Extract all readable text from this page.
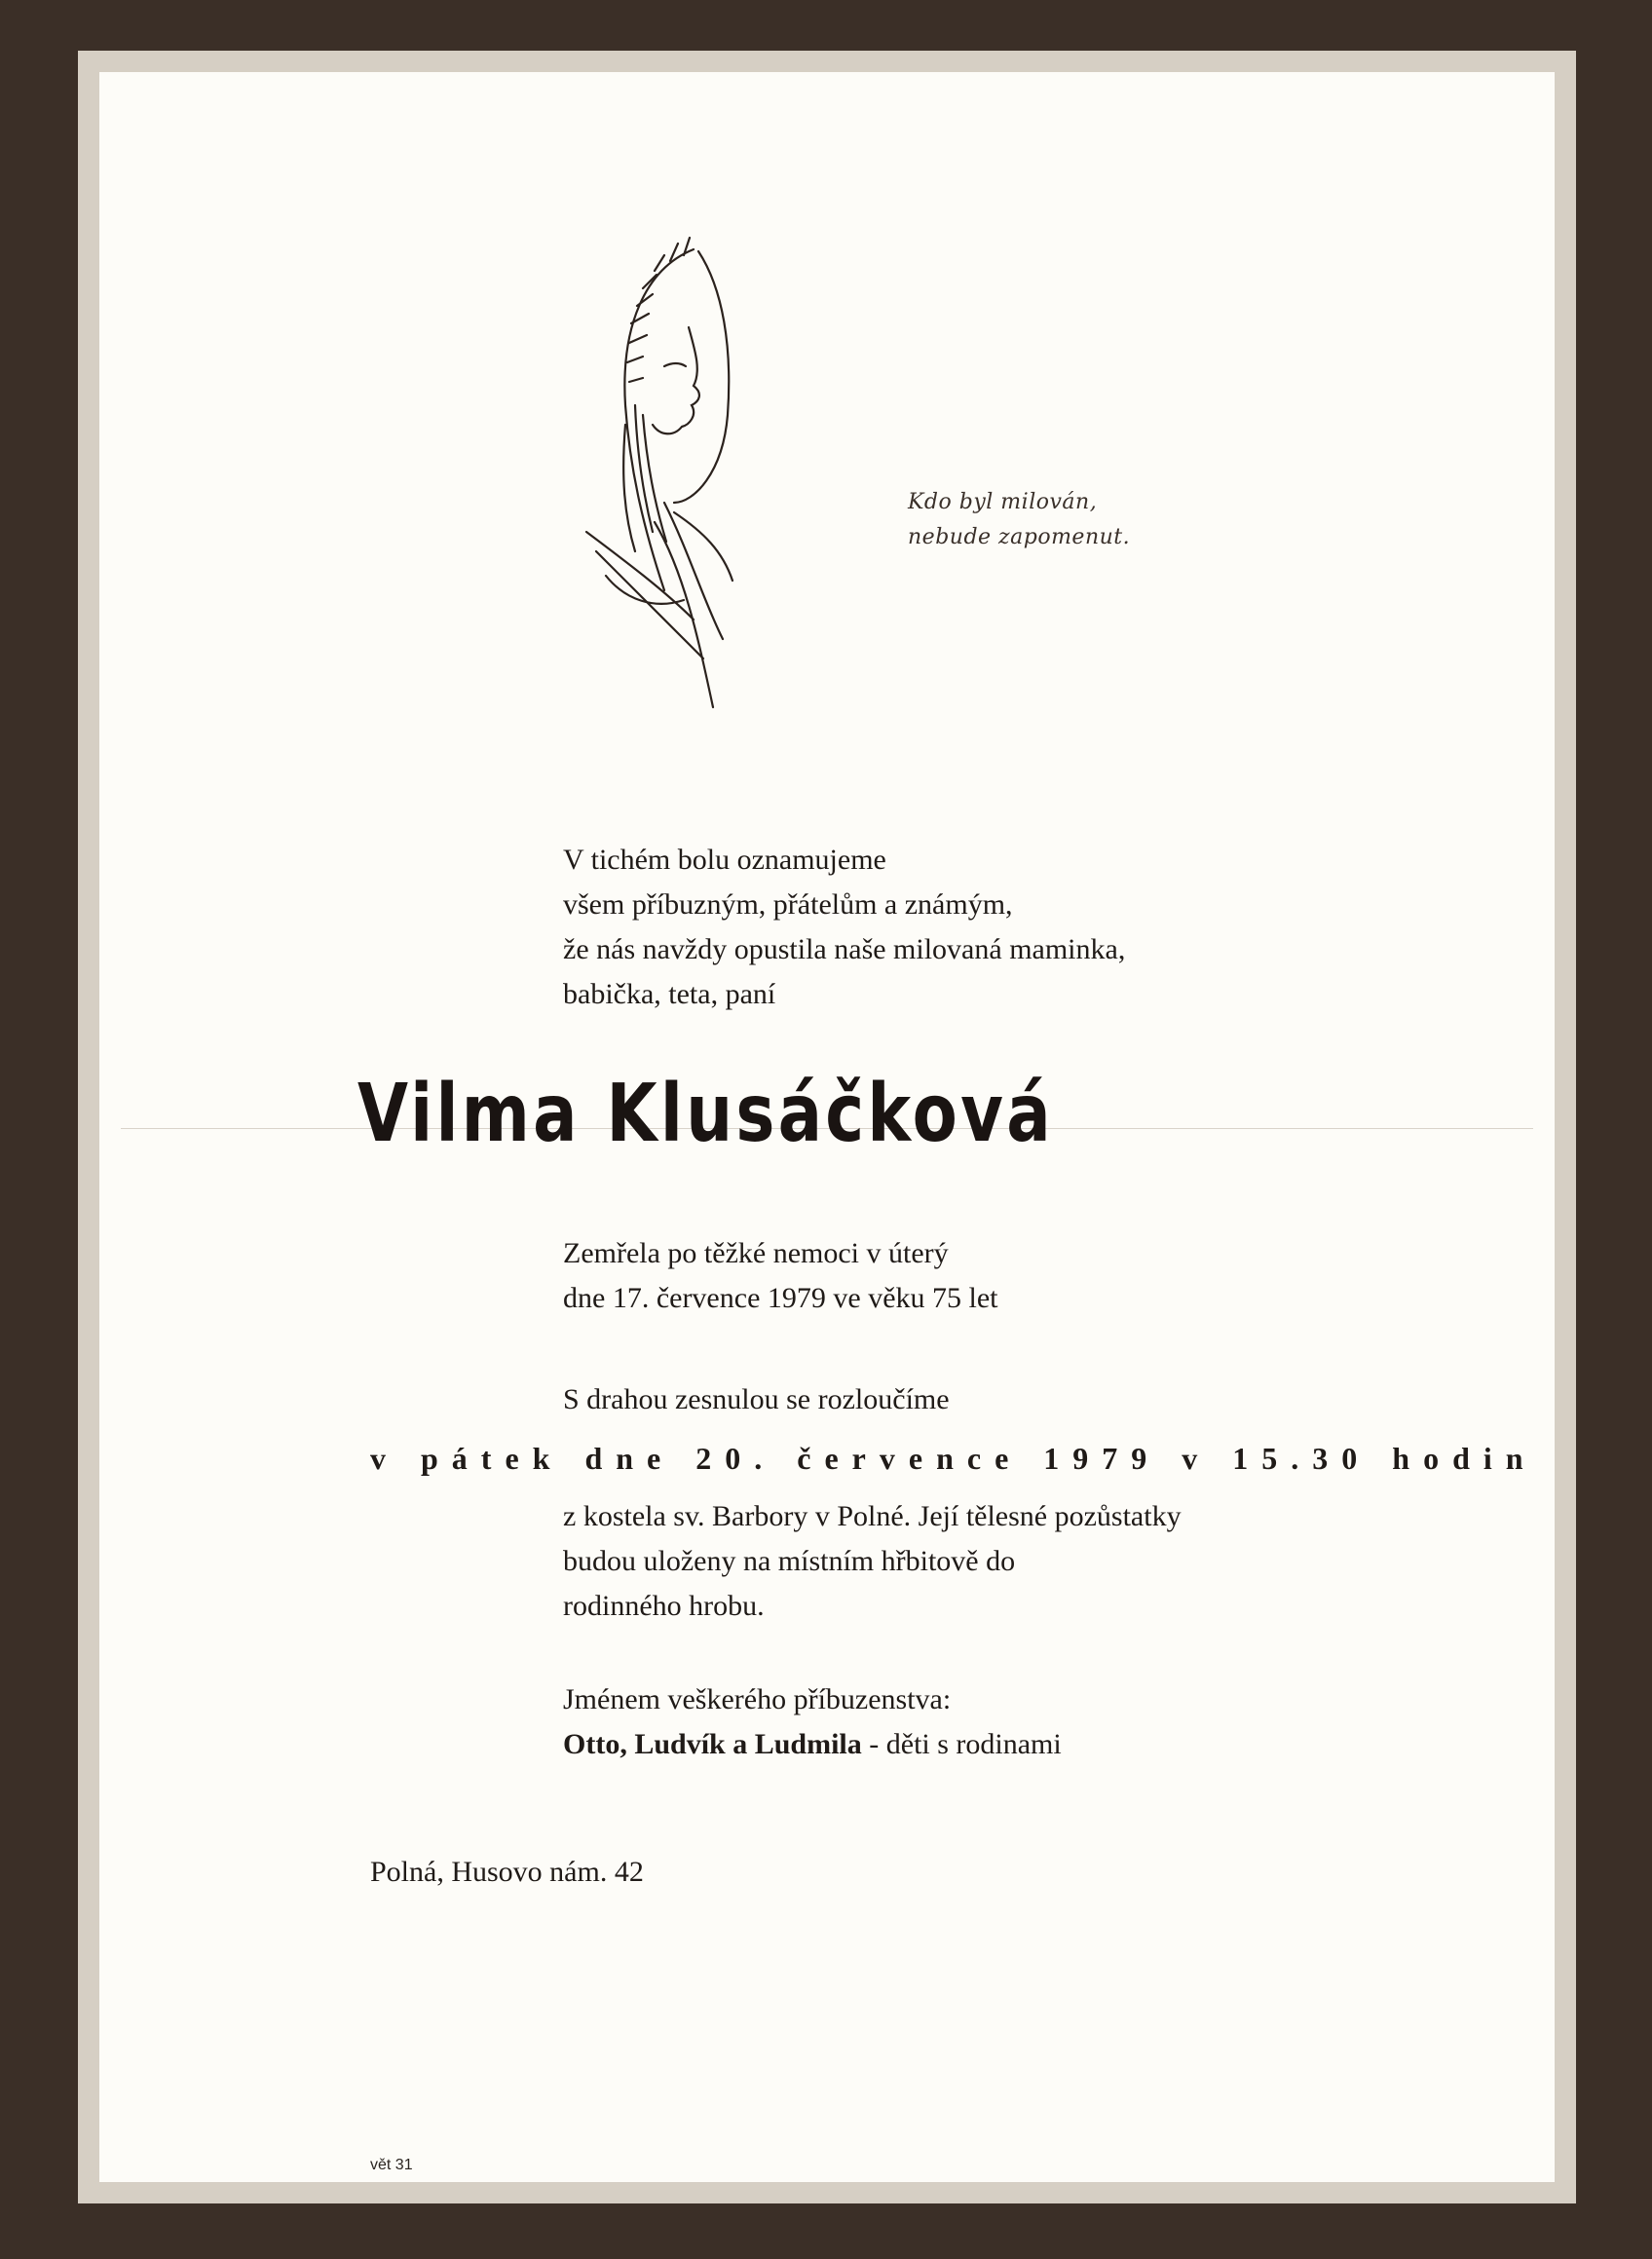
Kdo byl milován,
nebude zapomenut.
V tichém bolu oznamujeme
všem příbuzným, přátelům a známým,
že nás navždy opustila naše milovaná maminka,
babička, teta, paní
Vilma Klusáčková
Zemřela po těžké nemoci v úterý
dne 17. července 1979 ve věku 75 let
S drahou zesnulou se rozloučíme
v pátek dne 20. července 1979 v 15.30 hodin
z kostela sv. Barbory v Polné. Její tělesné pozůstatky
budou uloženy na místním hřbitově do
rodinného hrobu.
Jménem veškerého příbuzenstva:
Otto, Ludvík a Ludmila - děti s rodinami
Polná, Husovo nám. 42
vět 31
